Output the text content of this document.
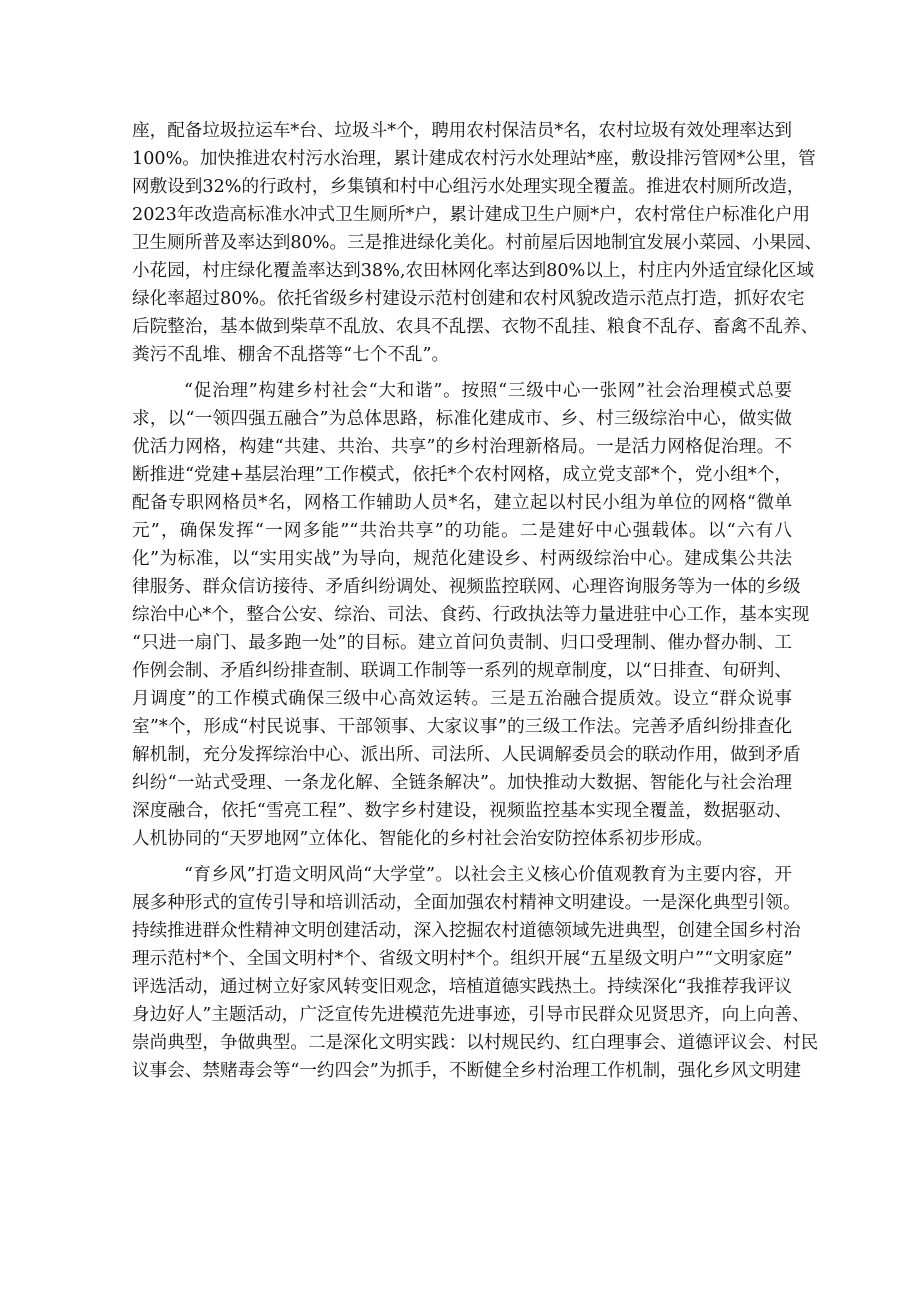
座，配备垃圾拉运车*台、垃圾斗*个，聘用农村保洁员*名，农村垃圾有效处理率达到
100%。加快推进农村污水治理，累计建成农村污水处理站*座，敷设排污管网*公里，管
网敷设到32%的行政村，乡集镇和村中心组污水处理实现全覆盖。推进农村厕所改造，
2023年改造高标准水冲式卫生厕所*户，累计建成卫生户厕*户，农村常住户标准化户用
卫生厕所普及率达到80%。三是推进绿化美化。村前屋后因地制宜发展小菜园、小果园、
小花园，村庄绿化覆盖率达到38%,农田林网化率达到80%以上，村庄内外适宜绿化区域
绿化率超过80%。依托省级乡村建设示范村创建和农村风貌改造示范点打造，抓好农宅
后院整治，基本做到柴草不乱放、农具不乱摆、衣物不乱挂、粮食不乱存、畜禽不乱养、
粪污不乱堆、棚舍不乱搭等“七个不乱”。
“促治理”构建乡村社会“大和谐”。按照“三级中心一张网”社会治理模式总要
求，以“一领四强五融合”为总体思路，标准化建成市、乡、村三级综治中心，做实做
优活力网格，构建“共建、共治、共享”的乡村治理新格局。一是活力网格促治理。不
断推进“党建+基层治理”工作模式，依托*个农村网格，成立党支部*个，党小组*个，
配备专职网格员*名，网格工作辅助人员*名，建立起以村民小组为单位的网格“微单
元”，确保发挥“一网多能”“共治共享”的功能。二是建好中心强载体。以“六有八
化”为标准，以“实用实战”为导向，规范化建设乡、村两级综治中心。建成集公共法
律服务、群众信访接待、矛盾纠纷调处、视频监控联网、心理咨询服务等为一体的乡级
综治中心*个，整合公安、综治、司法、食药、行政执法等力量进驻中心工作，基本实现
“只进一扇门、最多跑一处”的目标。建立首问负责制、归口受理制、催办督办制、工
作例会制、矛盾纠纷排查制、联调工作制等一系列的规章制度，以“日排查、旬研判、
月调度”的工作模式确保三级中心高效运转。三是五治融合提质效。设立“群众说事
室”*个，形成“村民说事、干部领事、大家议事”的三级工作法。完善矛盾纠纷排查化
解机制，充分发挥综治中心、派出所、司法所、人民调解委员会的联动作用，做到矛盾
纠纷“一站式受理、一条龙化解、全链条解决”。加快推动大数据、智能化与社会治理
深度融合，依托“雪亮工程”、数字乡村建设，视频监控基本实现全覆盖，数据驱动、
人机协同的“天罗地网”立体化、智能化的乡村社会治安防控体系初步形成。
“育乡风”打造文明风尚“大学堂”。以社会主义核心价值观教育为主要内容，开
展多种形式的宣传引导和培训活动，全面加强农村精神文明建设。一是深化典型引领。
持续推进群众性精神文明创建活动，深入挖掘农村道德领域先进典型，创建全国乡村治
理示范村*个、全国文明村*个、省级文明村*个。组织开展“五星级文明户”“文明家庭”
评选活动，通过树立好家风转变旧观念，培植道德实践热土。持续深化“我推荐我评议
身边好人”主题活动，广泛宣传先进模范先进事迹，引导市民群众见贤思齐，向上向善、
崇尚典型，争做典型。二是深化文明实践：以村规民约、红白理事会、道德评议会、村民
议事会、禁赌毒会等“一约四会”为抓手，不断健全乡村治理工作机制，强化乡风文明建
